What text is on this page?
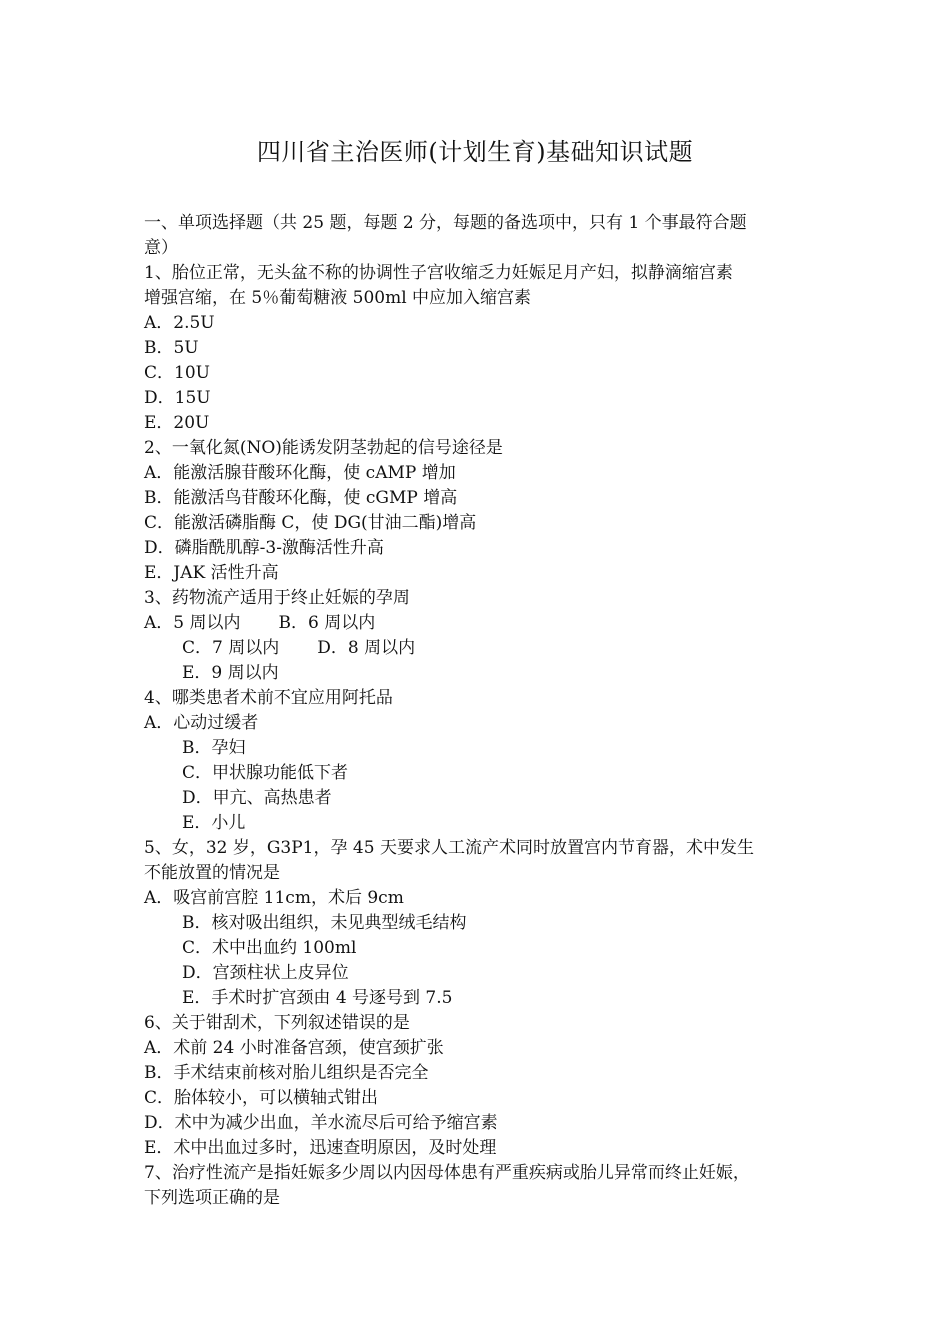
四川省主治医师(计划生育)基础知识试题
一、单项选择题（共 25 题，每题 2 分，每题的备选项中，只有 1 个事最符合题
意）
1、胎位正常，无头盆不称的协调性子宫收缩乏力妊娠足月产妇，拟静滴缩宫素
增强宫缩，在 5％葡萄糖液 500ml 中应加入缩宫素
A．2.5U
B．5U
C．10U
D．15U
E．20U
2、一氧化氮(NO)能诱发阴茎勃起的信号途径是
A．能激活腺苷酸环化酶，使 cAMP 增加
B．能激活鸟苷酸环化酶，使 cGMP 增高
C．能激活磷脂酶 C，使 DG(甘油二酯)增高
D．磷脂酰肌醇-3-激酶活性升高
E．JAK 活性升高
3、药物流产适用于终止妊娠的孕周
A．5 周以内 B．6 周以内
C．7 周以内 D．8 周以内
E．9 周以内
4、哪类患者术前不宜应用阿托品
A．心动过缓者
B．孕妇
C．甲状腺功能低下者
D．甲亢、高热患者
E．小儿
5、女，32 岁，G3P1，孕 45 天要求人工流产术同时放置宫内节育器，术中发生
不能放置的情况是
A．吸宫前宫腔 11cm，术后 9cm
B．核对吸出组织，未见典型绒毛结构
C．术中出血约 100ml
D．宫颈柱状上皮异位
E．手术时扩宫颈由 4 号逐号到 7.5
6、关于钳刮术，下列叙述错误的是
A．术前 24 小时准备宫颈，使宫颈扩张
B．手术结束前核对胎儿组织是否完全
C．胎体较小，可以横轴式钳出
D．术中为减少出血，羊水流尽后可给予缩宫素
E．术中出血过多时，迅速查明原因，及时处理
7、治疗性流产是指妊娠多少周以内因母体患有严重疾病或胎儿异常而终止妊娠，
下列选项正确的是
